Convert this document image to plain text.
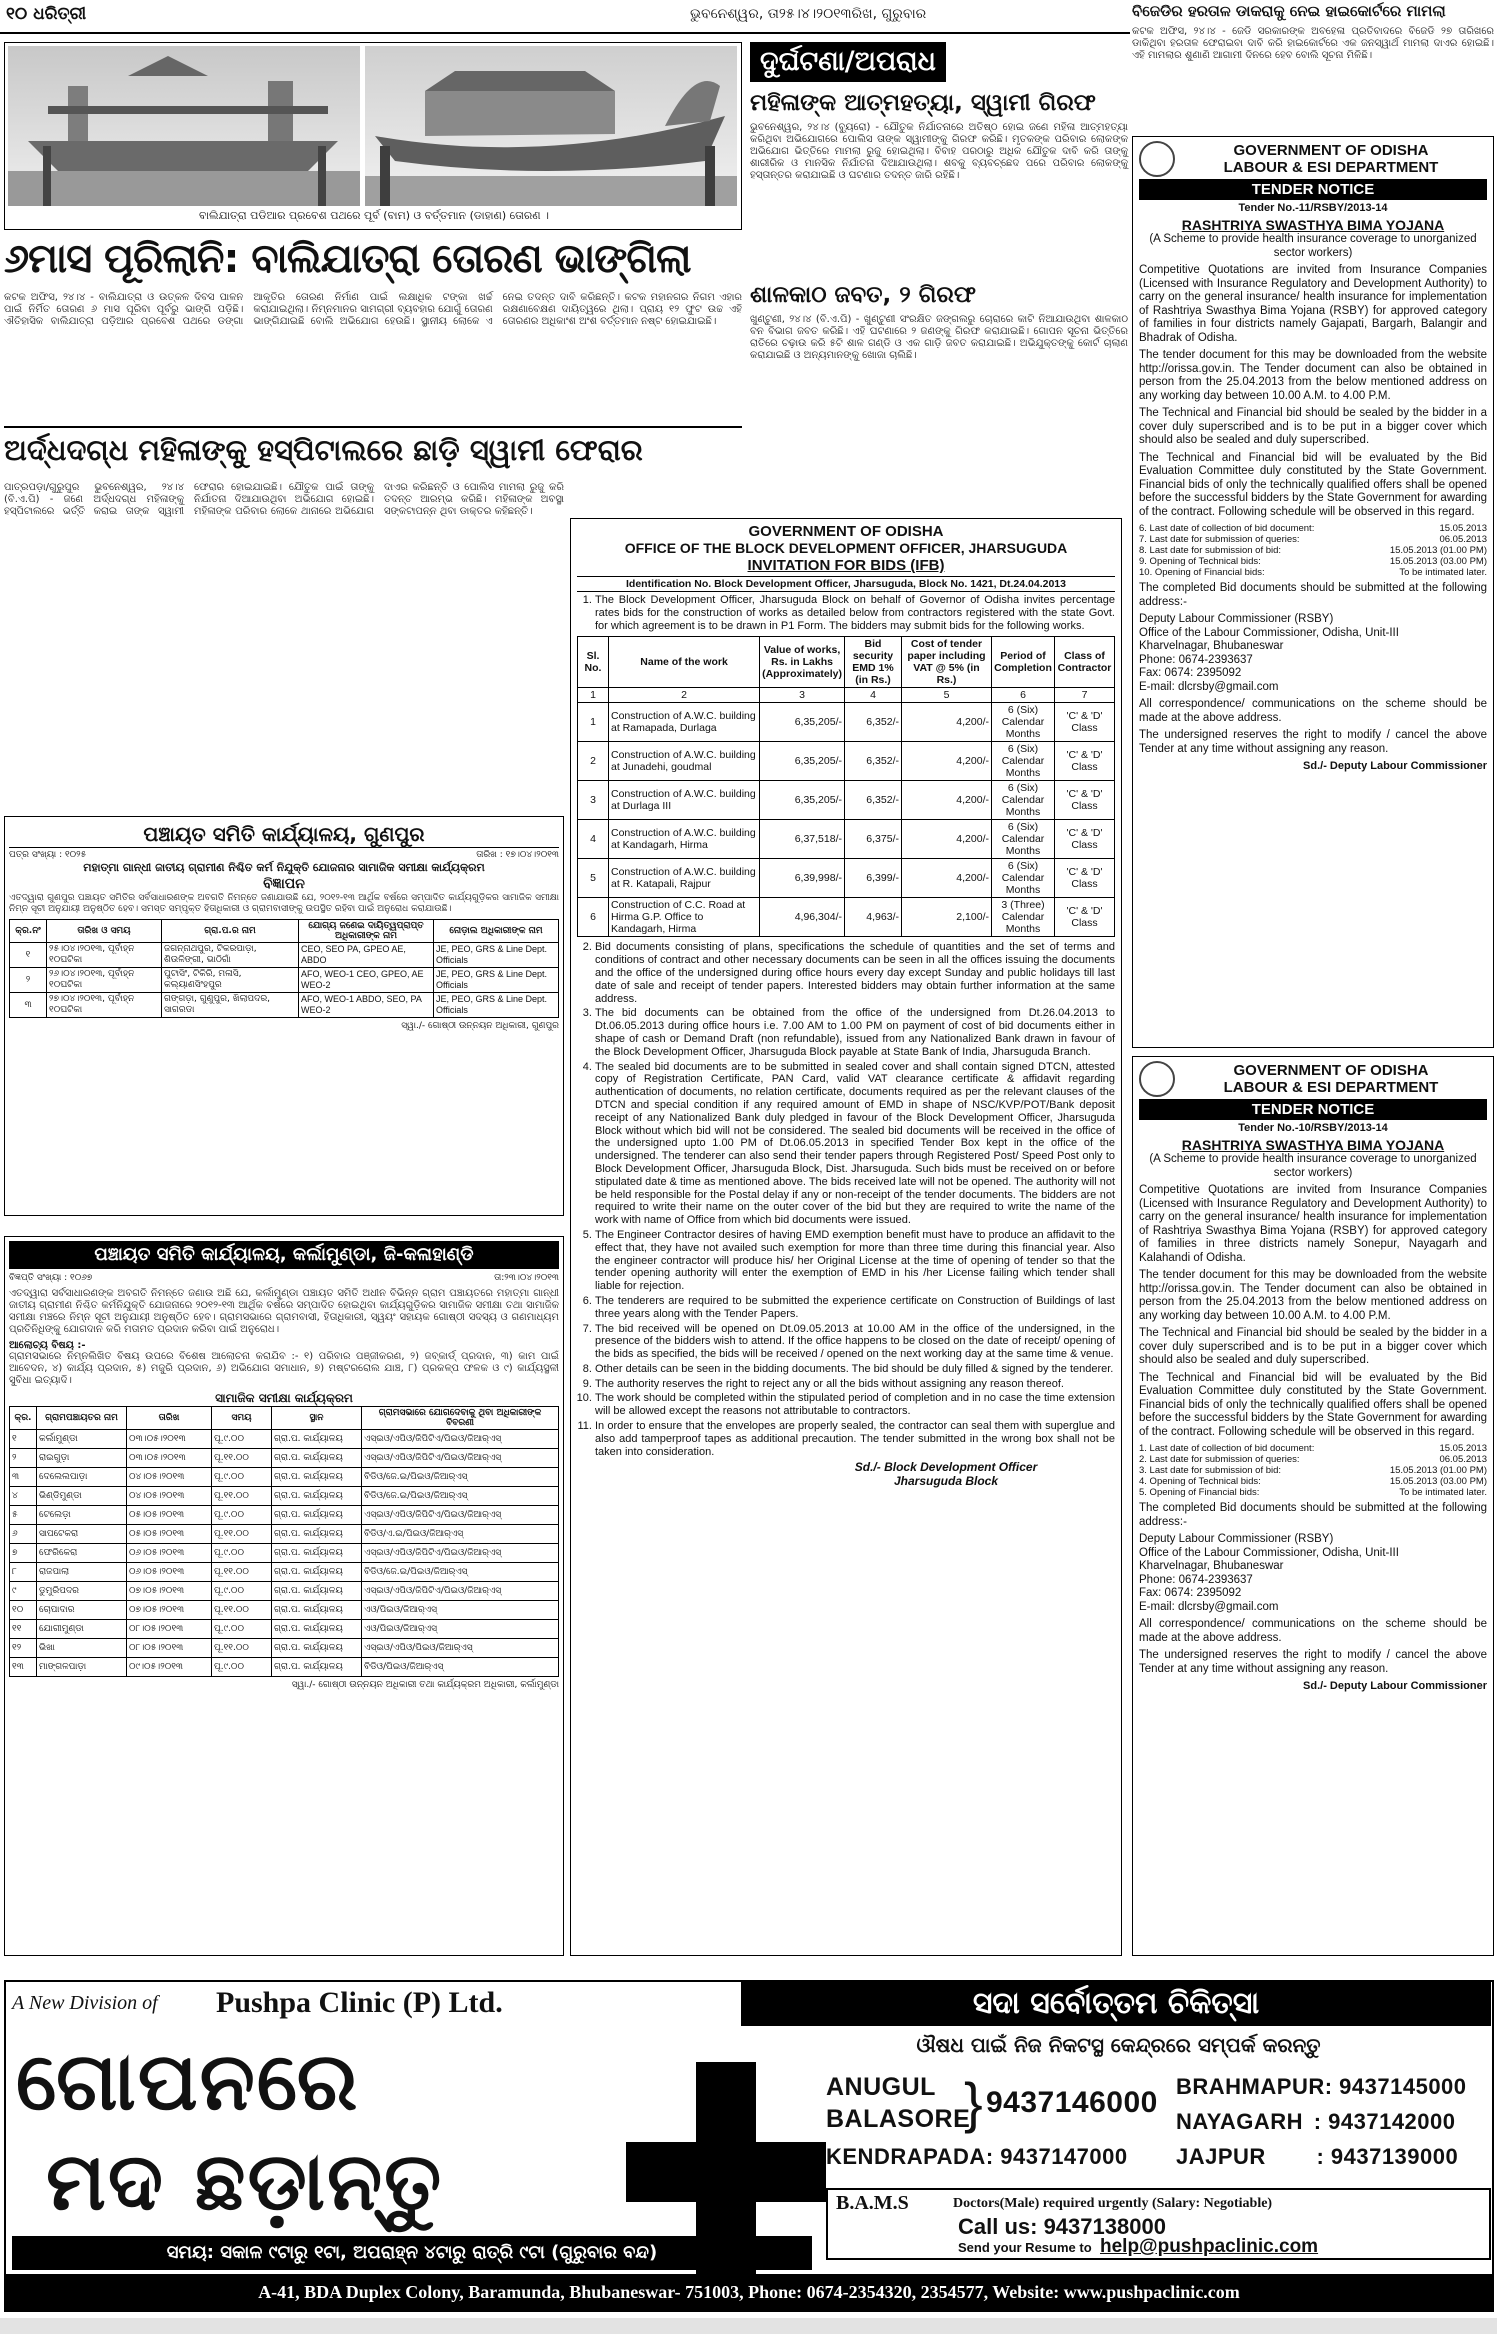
୧୦ ଧରିତ୍ରୀ	ଭୁବନେଶ୍ୱର, ତା୨୫।୪।୨୦୧୩ରିଖ, ଗୁରୁବାର	ବିଜେଡିର ହରତାଳ ଡାକରାକୁ ନେଇ ହାଇକୋର୍ଟରେ ମାମଲା
କଟକ ଅଫିସ, ୨୪।୪ - ଜେଡି ସରକାରଙ୍କ ଅବହେଳା ପ୍ରତିବାଦରେ ବିଜେଡି ୨୭ ତାରିଖରେ ଡାକିଥିବା ହରତାଳ ଫେରାଇବା ଦାବି କରି ହାଇକୋର୍ଟରେ ଏକ ଜନସ୍ୱାର୍ଥ ମାମଲା ଦାଏର ହୋଇଛି। ଏହି ମାମଲାର ଶୁଣାଣି ଆଗାମୀ ଦିନରେ ହେବ ବୋଲି ସୂଚନା ମିଳିଛି।
ବାଲିଯାତ୍ରା ପଡିଆର ପ୍ରବେଶ ପଥରେ ପୂର୍ବ (ବାମ) ଓ ବର୍ତ୍ତମାନ (ଡାହାଣ) ତୋରଣ ।
୬ମାସ ପୂରିଲାନି: ବାଲିଯାତ୍ରା ତୋରଣ ଭାଙ୍ଗିଲା
କଟକ ଅଫିସ, ୨୪।୪ - ବାଲିଯାତ୍ରା ଓ ଉତ୍କଳ ଦିବସ ପାଳନ ପାଇଁ ନିର୍ମିତ ତୋରଣ ୬ ମାସ ପୂରିବା ପୂର୍ବରୁ ଭାଙ୍ଗି ପଡ଼ିଛି। ଐତିହାସିକ ବାଲିଯାତ୍ରା ପଡ଼ିଆର ପ୍ରବେଶ ପଥରେ ଡଙ୍ଗା ଆକୃତିର ତୋରଣ ନିର୍ମାଣ ପାଇଁ ଲକ୍ଷାଧିକ ଟଙ୍କା ଖର୍ଚ୍ଚ କରାଯାଇଥିଲା। ନିମ୍ନମାନର ସାମଗ୍ରୀ ବ୍ୟବହାର ଯୋଗୁଁ ତୋରଣ ଭାଙ୍ଗିଯାଇଛି ବୋଲି ଅଭିଯୋଗ ହେଉଛି। ସ୍ଥାନୀୟ ଲୋକେ ଏ ନେଇ ତଦନ୍ତ ଦାବି କରିଛନ୍ତି। କଟକ ମହାନଗର ନିଗମ ଏହାର ରକ୍ଷଣାବେକ୍ଷଣ ଦାୟିତ୍ୱରେ ଥିଲା। ପ୍ରାୟ ୧୨ ଫୁଟ ଉଚ୍ଚ ଏହି ତୋରଣର ଅଧିକାଂଶ ଅଂଶ ବର୍ତ୍ତମାନ ନଷ୍ଟ ହୋଇଯାଇଛି।
ଅର୍ଦ୍ଧଦଗ୍ଧ ମହିଳାଙ୍କୁ ହସ୍ପିଟାଲରେ ଛାଡ଼ି ସ୍ୱାମୀ ଫେରାର
ପାତ୍ରପଡ଼ା/ଗୁରୁପୁର ଭୁବନେଶ୍ୱର, ୨୪।୪ (ବି.ଏ.ପି) - ଜଣେ ଅର୍ଦ୍ଧଦଗ୍ଧ ମହିଳାଙ୍କୁ ହସ୍ପିଟାଲରେ ଭର୍ତ୍ତି କରାଇ ତାଙ୍କ ସ୍ୱାମୀ ଫେରାର ହୋଇଯାଇଛି। ଯୌତୁକ ପାଇଁ ତାଙ୍କୁ ନିର୍ଯାତନା ଦିଆଯାଉଥିବା ଅଭିଯୋଗ ହୋଇଛି। ମହିଳାଙ୍କ ପରିବାର ଲୋକେ ଥାନାରେ ଅଭିଯୋଗ ଦାଏର କରିଛନ୍ତି ଓ ପୋଲିସ ମାମଲା ରୁଜୁ କରି ତଦନ୍ତ ଆରମ୍ଭ କରିଛି। ମହିଳାଙ୍କ ଅବସ୍ଥା ସଙ୍କଟାପନ୍ନ ଥିବା ଡାକ୍ତର କହିଛନ୍ତି।
ଦୁର୍ଘଟଣା/ଅପରାଧ
ମହିଳାଙ୍କ ଆତ୍ମହତ୍ୟା, ସ୍ୱାମୀ ଗିରଫ
ଭୁବନେଶ୍ୱର, ୨୪।୪ (ବ୍ୟୁରୋ) - ଯୌତୁକ ନିର୍ଯାତନାରେ ଅତିଷ୍ଠ ହୋଇ ଜଣେ ମହିଳା ଆତ୍ମହତ୍ୟା କରିଥିବା ଅଭିଯୋଗରେ ପୋଲିସ ତାଙ୍କ ସ୍ୱାମୀଙ୍କୁ ଗିରଫ କରିଛି। ମୃତକଙ୍କ ପରିବାର ଲୋକଙ୍କ ଅଭିଯୋଗ ଭିତ୍ତିରେ ମାମଲା ରୁଜୁ ହୋଇଥିଲା। ବିବାହ ପରଠାରୁ ଅଧିକ ଯୌତୁକ ଦାବି କରି ତାଙ୍କୁ ଶାରୀରିକ ଓ ମାନସିକ ନିର୍ଯାତନା ଦିଆଯାଉଥିଲା। ଶବକୁ ବ୍ୟବଚ୍ଛେଦ ପରେ ପରିବାର ଲୋକଙ୍କୁ ହସ୍ତାନ୍ତର କରାଯାଇଛି ଓ ଘଟଣାର ତଦନ୍ତ ଜାରି ରହିଛି।
ଶାଳକାଠ ଜବତ, ୨ ଗିରଫ
ଖୁଣ୍ଟୁଣୀ, ୨୪।୪ (ବି.ଏ.ପି) - ଖୁଣ୍ଟୁଣୀ ସଂରକ୍ଷିତ ଜଙ୍ଗଲରୁ ଚୋରାରେ କାଟି ନିଆଯାଉଥିବା ଶାଳକାଠ ବନ ବିଭାଗ ଜବତ କରିଛି। ଏହି ଘଟଣାରେ ୨ ଜଣଙ୍କୁ ଗିରଫ କରାଯାଇଛି। ଗୋପନ ସୂଚନା ଭିତ୍ତିରେ ରାତିରେ ଚଢ଼ାଉ କରି ୫ଟି ଶାଳ ଗଣ୍ଡି ଓ ଏକ ଗାଡ଼ି ଜବତ କରାଯାଇଛି। ଅଭିଯୁକ୍ତଙ୍କୁ କୋର୍ଟ ଚାଲାଣ କରାଯାଇଛି ଓ ଅନ୍ୟମାନଙ୍କୁ ଖୋଜା ଚାଲିଛି।
ପଞ୍ଚାୟତ ସମିତି କାର୍ଯ୍ୟାଳୟ, ଗୁଣପୁର
ପତ୍ର ସଂଖ୍ୟା : ୧୦୨୫	ତାରିଖ : ୧୭।୦୪।୨୦୧୩
ମହାତ୍ମା ଗାନ୍ଧୀ ଜାତୀୟ ଗ୍ରାମୀଣ ନିଶ୍ଚିତ କର୍ମ ନିଯୁକ୍ତି ଯୋଜନାର ସାମାଜିକ ସମୀକ୍ଷା କାର୍ଯ୍ୟକ୍ରମ
ବିଜ୍ଞାପନ
ଏତଦ୍ୱାରା ଗୁଣପୁର ପଞ୍ଚାୟତ ସମିତିର ସର୍ବସାଧାରଣଙ୍କ ଅବଗତି ନିମନ୍ତେ ଜଣାଯାଉଛି ଯେ, ୨୦୧୨-୧୩ ଆର୍ଥିକ ବର୍ଷରେ ସମ୍ପାଦିତ କାର୍ଯ୍ୟଗୁଡ଼ିକର ସାମାଜିକ ସମୀକ୍ଷା ନିମ୍ନ ସୂଚୀ ଅନୁଯାୟୀ ଅନୁଷ୍ଠିତ ହେବ। ସମସ୍ତ ସମ୍ପୃକ୍ତ ହିତାଧିକାରୀ ଓ ଗ୍ରାମବାସୀଙ୍କୁ ଉପସ୍ଥିତ ରହିବା ପାଇଁ ଅନୁରୋଧ କରାଯାଉଛି।
କ୍ର.ନଂ	ତାରିଖ ଓ ସମୟ	ଗ୍ରା.ପ.ର ନାମ	ଯୋଗ୍ୟ ଜଣେଇ ଦାୟିତ୍ୱପ୍ରାପ୍ତ ଅଧିକାରୀଙ୍କ ନାମ	ନୋଡ଼ାଲ ଅଧିକାରୀଙ୍କ ନାମ
୧	୨୫।୦୪।୨୦୧୩, ପୂର୍ବାହ୍ନ ୧୦ଘଟିକା	ଜଗନ୍ନାଥପୁର, ଟିକରପାଡ଼ା, ଶିଉଳିଙ୍ଗୀ, ଭାଠିଗାଁ	CEO, SEO PA, GPEO AE, ABDO	JE, PEO, GRS & Line Dept. Officials
୨	୨୬।୦୪।୨୦୧୩, ପୂର୍ବାହ୍ନ ୧୦ଘଟିକା	ପୁଟାସିଂ, ଟିକିରି, ମଳାସି, କଲ୍ୟାଣସିଂହପୁର	AFO, WEO-1 CEO, GPEO, AE WEO-2	JE, PEO, GRS & Line Dept. Officials
୩	୨୭।୦୪।୨୦୧୩, ପୂର୍ବାହ୍ନ ୧୦ଘଟିକା	ଗଙ୍ଗଡ଼ା, ଗୁଣୁପୁର, ଖିଲାପଦର, ସାଗରଡା	AFO, WEO-1 ABDO, SEO, PA WEO-2	JE, PEO, GRS & Line Dept. Officials
ସ୍ୱା./- ଗୋଷ୍ଠୀ ଉନ୍ନୟନ ଅଧିକାରୀ, ଗୁଣପୁର
ପଞ୍ଚାୟତ ସମିତି କାର୍ଯ୍ୟାଳୟ, କର୍ଲାମୁଣ୍ଡା, ଜି-କଳାହାଣ୍ଡି
ବିଜ୍ଞପ୍ତି ସଂଖ୍ୟା : ୧୦୬୭	ତା:୨୩।୦୪।୨୦୧୩
ଏତଦ୍ୱାରା ସର୍ବସାଧାରଣଙ୍କ ଅବଗତି ନିମନ୍ତେ ଜଣାଉ ଅଛି ଯେ, କର୍ଲାମୁଣ୍ଡା ପଞ୍ଚାୟତ ସମିତି ଅଧୀନ ବିଭିନ୍ନ ଗ୍ରାମ ପଞ୍ଚାୟତରେ ମହାତ୍ମା ଗାନ୍ଧୀ ଜାତୀୟ ଗ୍ରାମୀଣ ନିଶ୍ଚିତ କର୍ମନିଯୁକ୍ତି ଯୋଜନାରେ ୨୦୧୨-୧୩ ଆର୍ଥିକ ବର୍ଷରେ ସମ୍ପାଦିତ ହୋଇଥିବା କାର୍ଯ୍ୟଗୁଡ଼ିକର ସାମାଜିକ ସମୀକ୍ଷା ତଥା ସାମାଜିକ ସମୀକ୍ଷା ମଞ୍ଚରେ ନିମ୍ନ ସୂଚୀ ଅନୁଯାୟୀ ଅନୁଷ୍ଠିତ ହେବ। ଗ୍ରାମସଭାରେ ଗ୍ରାମବାସୀ, ହିତାଧିକାରୀ, ସ୍ୱୟଂ ସହାୟକ ଗୋଷ୍ଠୀ ସଦସ୍ୟ ଓ ଗଣମାଧ୍ୟମ ପ୍ରତିନିଧିଙ୍କୁ ଯୋଗଦାନ କରି ମତାମତ ପ୍ରଦାନ କରିବା ପାଇଁ ଅନୁରୋଧ।
ଆଲୋଚ୍ୟ ବିଷୟ :-
ଗ୍ରାମସଭାରେ ନିମ୍ନଲିଖିତ ବିଷୟ ଉପରେ ବିଶେଷ ଆଲୋଚନା କରାଯିବ :- ୧) ପରିବାର ପଞ୍ଜୀକରଣ, ୨) ଜବ୍‌କାର୍ଡ୍ ପ୍ରଦାନ, ୩) କାମ ପାଇଁ ଆବେଦନ, ୪) କାର୍ଯ୍ୟ ପ୍ରଦାନ, ୫) ମଜୁରି ପ୍ରଦାନ, ୬) ଅଭିଯୋଗ ସମାଧାନ, ୭) ମଷ୍ଟରରୋଲ ଯାଞ୍ଚ, ୮) ପ୍ରକଳ୍ପ ଫଳକ ଓ ୯) କାର୍ଯ୍ୟସ୍ଥଳୀ ସୁବିଧା ଇତ୍ୟାଦି।
ସାମାଜିକ ସମୀକ୍ଷା କାର୍ଯ୍ୟକ୍ରମ
କ୍ର.	ଗ୍ରାମପଞ୍ଚାୟତର ନାମ	ତାରିଖ	ସମୟ	ସ୍ଥାନ	ଗ୍ରାମସଭାରେ ଯୋଗଦେବାକୁ ଥିବା ଅଧିକାରୀଙ୍କ ବିବରଣୀ
୧	କର୍ଲାମୁଣ୍ଡା	୦୩।୦୫।୨୦୧୩	ପୂ.୯.୦୦	ଗ୍ରା.ପ. କାର୍ଯ୍ୟାଳୟ	ଏସ୍‌ଇଓ/ଏପିଓ/ଜିପିଟିଏ/ପିଇଓ/ଜିଆର୍‌ଏସ୍
୨	ରାଇଗୁଡ଼ା	୦୩।୦୫।୨୦୧୩	ପୂ.୧୧.୦୦	ଗ୍ରା.ପ. କାର୍ଯ୍ୟାଳୟ	ଏସ୍‌ଇଓ/ଏପିଓ/ଜିପିଟିଏ/ପିଇଓ/ଜିଆର୍‌ଏସ୍
୩	ଦେଲେଲପାଡ଼ା	୦୪।୦୫।୨୦୧୩	ପୂ.୯.୦୦	ଗ୍ରା.ପ. କାର୍ଯ୍ୟାଳୟ	ବିଡିଓ/ଜେ.ଇ/ପିଇଓ/ଜିଆର୍‌ଏସ୍
୪	ଭିଣ୍ଡିମୁଣ୍ଡା	୦୪।୦୫।୨୦୧୩	ପୂ.୧୧.୦୦	ଗ୍ରା.ପ. କାର୍ଯ୍ୟାଳୟ	ବିଡିଓ/ଜେ.ଇ/ପିଇଓ/ଜିଆର୍‌ଏସ୍
୫	ଟେଲେଡ଼ା	୦୫।୦୫।୨୦୧୩	ପୂ.୯.୦୦	ଗ୍ରା.ପ. କାର୍ଯ୍ୟାଳୟ	ଏସ୍‌ଇଓ/ଏପିଓ/ଜିପିଟିଏ/ପିଇଓ/ଜିଆର୍‌ଏସ୍
୬	ସାପଟେକରା	୦୫।୦୫।୨୦୧୩	ପୂ.୧୧.୦୦	ଗ୍ରା.ପ. କାର୍ଯ୍ୟାଳୟ	ବିଡିଓ/ଏ.ଇ/ପିଇଓ/ଜିଆର୍‌ଏସ୍
୭	ଫେରିକେରା	୦୬।୦୫।୨୦୧୩	ପୂ.୯.୦୦	ଗ୍ରା.ପ. କାର୍ଯ୍ୟାଳୟ	ଏସ୍‌ଇଓ/ଏପିଓ/ଜିପିଟିଏ/ପିଇଓ/ଜିଆର୍‌ଏସ୍
୮	ରାଜପାଲା	୦୬।୦୫।୨୦୧୩	ପୂ.୧୧.୦୦	ଗ୍ରା.ପ. କାର୍ଯ୍ୟାଳୟ	ବିଡିଓ/ଜେ.ଇ/ପିଇଓ/ଜିଆର୍‌ଏସ୍
୯	ଡୁମୁରିପଦର	୦୭।୦୫।୨୦୧୩	ପୂ.୯.୦୦	ଗ୍ରା.ପ. କାର୍ଯ୍ୟାଳୟ	ଏସ୍‌ଇଓ/ଏପିଓ/ଜିପିଟିଏ/ପିଇଓ/ଜିଆର୍‌ଏସ୍
୧୦	ଚୋପାଦାର	୦୭।୦୫।୨୦୧୩	ପୂ.୧୧.୦୦	ଗ୍ରା.ପ. କାର୍ଯ୍ୟାଳୟ	ଏଓ/ପିଇଓ/ଜିଆର୍‌ଏସ୍
୧୧	ଯୋଗୀମୁଣ୍ଡା	୦୮।୦୫।୨୦୧୩	ପୂ.୯.୦୦	ଗ୍ରା.ପ. କାର୍ଯ୍ୟାଳୟ	ଏଓ/ପିଇଓ/ଜିଆର୍‌ଏସ୍
୧୨	ଭିଖା	୦୮।୦୫।୨୦୧୩	ପୂ.୧୧.୦୦	ଗ୍ରା.ପ. କାର୍ଯ୍ୟାଳୟ	ଏସ୍‌ଇଓ/ଏପିଓ/ପିଇଓ/ଜିଆର୍‌ଏସ୍
୧୩	ମାଙ୍ଗଳପାଡ଼ା	୦୯।୦୫।୨୦୧୩	ପୂ.୯.୦୦	ଗ୍ରା.ପ. କାର୍ଯ୍ୟାଳୟ	ବିଡିଓ/ପିଇଓ/ଜିଆର୍‌ଏସ୍
ସ୍ୱା./- ଗୋଷ୍ଠୀ ଉନ୍ନୟନ ଅଧିକାରୀ ତଥା କାର୍ଯ୍ୟକ୍ରମ ଅଧିକାରୀ, କର୍ଲାମୁଣ୍ଡା
GOVERNMENT OF ODISHA
OFFICE OF THE BLOCK DEVELOPMENT OFFICER, JHARSUGUDA
INVITATION FOR BIDS (IFB)
Identification No. Block Development Officer, Jharsuguda, Block No. 1421, Dt.24.04.2013
1. The Block Development Officer, Jharsuguda Block on behalf of Governor of Odisha invites percentage rates bids for the construction of works as detailed below from contractors registered with the state Govt. for which agreement is to be drawn in P1 Form. The bidders may submit bids for the following works.
Sl. No.	Name of the work	Value of works, Rs. in Lakhs (Approximately)	Bid security EMD 1% (in Rs.)	Cost of tender paper including VAT @ 5% (in Rs.)	Period of Completion	Class of Contractor
1	2	3	4	5	6	7
1	Construction of A.W.C. building at Ramapada, Durlaga	6,35,205/-	6,352/-	4,200/-	6 (Six) Calendar Months	'C' & 'D' Class
2	Construction of A.W.C. building at Junadehi, goudmal	6,35,205/-	6,352/-	4,200/-	6 (Six) Calendar Months	'C' & 'D' Class
3	Construction of A.W.C. building at Durlaga III	6,35,205/-	6,352/-	4,200/-	6 (Six) Calendar Months	'C' & 'D' Class
4	Construction of A.W.C. building at Kandagarh, Hirma	6,37,518/-	6,375/-	4,200/-	6 (Six) Calendar Months	'C' & 'D' Class
5	Construction of A.W.C. building at R. Katapali, Rajpur	6,39,998/-	6,399/-	4,200/-	6 (Six) Calendar Months	'C' & 'D' Class
6	Construction of C.C. Road at Hirma G.P. Office to Kandagarh, Hirma	4,96,304/-	4,963/-	2,100/-	3 (Three) Calendar Months	'C' & 'D' Class
2. Bid documents consisting of plans, specifications the schedule of quantities and the set of terms and conditions of contract and other necessary documents can be seen in all the offices issuing the documents and the office of the undersigned during office hours every day except Sunday and public holidays till last date of sale and receipt of tender papers. Interested bidders may obtain further information at the same address.
3. The bid documents can be obtained from the office of the undersigned from Dt.26.04.2013 to Dt.06.05.2013 during office hours i.e. 7.00 AM to 1.00 PM on payment of cost of bid documents either in shape of cash or Demand Draft (non refundable), issued from any Nationalized Bank drawn in favour of the Block Development Officer, Jharsuguda Block payable at State Bank of India, Jharsuguda Branch.
4. The sealed bid documents are to be submitted in sealed cover and shall contain signed DTCN, attested copy of Registration Certificate, PAN Card, valid VAT clearance certificate & affidavit regarding authentication of documents, no relation certificate, documents required as per the relevant clauses of the DTCN and special condition if any required amount of EMD in shape of NSC/KVP/POT/Bank deposit receipt of any Nationalized Bank duly pledged in favour of the Block Development Officer, Jharsuguda Block without which bid will not be considered. The sealed bid documents will be received in the office of the undersigned upto 1.00 PM of Dt.06.05.2013 in specified Tender Box kept in the office of the undersigned. The tenderer can also send their tender papers through Registered Post/ Speed Post only to Block Development Officer, Jharsuguda Block, Dist. Jharsuguda. Such bids must be received on or before stipulated date & time as mentioned above. The bids received late will not be opened. The authority will not be held responsible for the Postal delay if any or non-receipt of the tender documents. The bidders are not required to write their name on the outer cover of the bid but they are required to write the name of the work with name of Office from which bid documents were issued.
5. The Engineer Contractor desires of having EMD exemption benefit must have to produce an affidavit to the effect that, they have not availed such exemption for more than three time during this financial year. Also the engineer contractor will produce his/ her Original License at the time of opening of tender so that the tender opening authority will enter the exemption of EMD in his /her License failing which tender shall liable for rejection.
6. The tenderers are required to be submitted the experience certificate on Construction of Buildings of last three years along with the Tender Papers.
7. The bid received will be opened on Dt.09.05.2013 at 10.00 AM in the office of the undersigned, in the presence of the bidders wish to attend. If the office happens to be closed on the date of receipt/ opening of the bids as specified, the bids will be received / opened on the next working day at the same time & venue.
8. Other details can be seen in the bidding documents. The bid should be duly filled & signed by the tenderer.
9. The authority reserves the right to reject any or all the bids without assigning any reason thereof.
10. The work should be completed within the stipulated period of completion and in no case the time extension will be allowed except the reasons not attributable to contractors.
11. In order to ensure that the envelopes are properly sealed, the contractor can seal them with superglue and also add tamperproof tapes as additional precaution. The tender submitted in the wrong box shall not be taken into consideration.
Sd./- Block Development Officer
Jharsuguda Block
GOVERNMENT OF ODISHA
LABOUR & ESI DEPARTMENT
TENDER NOTICE
Tender No.-11/RSBY/2013-14
RASHTRIYA SWASTHYA BIMA YOJANA
(A Scheme to provide health insurance coverage to unorganized sector workers)

Competitive Quotations are invited from Insurance Companies (Licensed with Insurance Regulatory and Development Authority) to carry on the general insurance/ health insurance for implementation of Rashtriya Swasthya Bima Yojana (RSBY) for approved category of families in four districts namely Gajapati, Bargarh, Balangir and Bhadrak of Odisha.

The tender document for this may be downloaded from the website http://orissa.gov.in. The Tender document can also be obtained in person from the 25.04.2013 from the below mentioned address on any working day between 10.00 A.M. to 4.00 P.M.

The Technical and Financial bid should be sealed by the bidder in a cover duly superscribed and is to be put in a bigger cover which should also be sealed and duly superscribed.

The Technical and Financial bid will be evaluated by the Bid Evaluation Committee duly constituted by the State Government. Financial bids of only the technically qualified offers shall be opened before the successful bidders by the State Government for awarding of the contract. Following schedule will be observed in this regard.

6. Last date of collection of bid document:	15.05.2013
7. Last date for submission of queries:	06.05.2013
8. Last date for submission of bid:	15.05.2013 (01.00 PM)
9. Opening of Technical bids:	15.05.2013 (03.00 PM)
10. Opening of Financial bids:	To be intimated later.

The completed Bid documents should be submitted at the following address:-

Deputy Labour Commissioner (RSBY)
Office of the Labour Commissioner, Odisha, Unit-III
Kharvelnagar, Bhubaneswar
Phone: 0674-2393637
Fax: 0674: 2395092
E-mail: dlcrsby@gmail.com

All correspondence/ communications on the scheme should be made at the above address.

The undersigned reserves the right to modify / cancel the above Tender at any time without assigning any reason.

Sd./- Deputy Labour Commissioner
GOVERNMENT OF ODISHA
LABOUR & ESI DEPARTMENT
TENDER NOTICE
Tender No.-10/RSBY/2013-14
RASHTRIYA SWASTHYA BIMA YOJANA
(A Scheme to provide health insurance coverage to unorganized sector workers)

Competitive Quotations are invited from Insurance Companies (Licensed with Insurance Regulatory and Development Authority) to carry on the general insurance/ health insurance for implementation of Rashtriya Swasthya Bima Yojana (RSBY) for approved category of families in three districts namely Sonepur, Nayagarh and Kalahandi of Odisha.

The tender document for this may be downloaded from the website http://orissa.gov.in. The Tender document can also be obtained in person from the 25.04.2013 from the below mentioned address on any working day between 10.00 A.M. to 4.00 P.M.

The Technical and Financial bid should be sealed by the bidder in a cover duly superscribed and is to be put in a bigger cover which should also be sealed and duly superscribed.

The Technical and Financial bid will be evaluated by the Bid Evaluation Committee duly constituted by the State Government. Financial bids of only the technically qualified offers shall be opened before the successful bidders by the State Government for awarding of the contract. Following schedule will be observed in this regard.

1. Last date of collection of bid document:	15.05.2013
2. Last date for submission of queries:	06.05.2013
3. Last date for submission of bid:	15.05.2013 (01.00 PM)
4. Opening of Technical bids:	15.05.2013 (03.00 PM)
5. Opening of Financial bids:	To be intimated later.

The completed Bid documents should be submitted at the following address:-

Deputy Labour Commissioner (RSBY)
Office of the Labour Commissioner, Odisha, Unit-III
Kharvelnagar, Bhubaneswar
Phone: 0674-2393637
Fax: 0674: 2395092
E-mail: dlcrsby@gmail.com

All correspondence/ communications on the scheme should be made at the above address.

The undersigned reserves the right to modify / cancel the above Tender at any time without assigning any reason.

Sd./- Deputy Labour Commissioner
A New Division of Pushpa Clinic (P) Ltd.	ସଦା ସର୍ବୋତ୍ତମ ଚିକିତ୍ସା
ଔଷଧ ପାଇଁ ନିଜ ନିକଟସ୍ଥ କେନ୍ଦ୍ରରେ ସମ୍ପର୍କ କରନ୍ତୁ
ଗୋପନରେ
ମଦ ଛଡ଼ାନ୍ତୁ
ANUGUL
BALASORE
} 9437146000
KENDRAPADA: 9437147000
BRAHMAPUR: 9437145000
NAYAGARH : 9437142000
JAJPUR : 9437139000
B.A.M.S	Doctors(Male) required urgently (Salary: Negotiable)
Call us: 9437138000
Send your Resume to help@pushpaclinic.com
ସମୟ: ସକାଳ ୯ଟାରୁ ୧ଟା, ଅପରାହ୍ନ ୪ଟାରୁ ରାତ୍ରି ୯ଟା (ଗୁରୁବାର ବନ୍ଦ)
A-41, BDA Duplex Colony, Baramunda, Bhubaneswar- 751003, Phone: 0674-2354320, 2354577, Website: www.pushpaclinic.com
